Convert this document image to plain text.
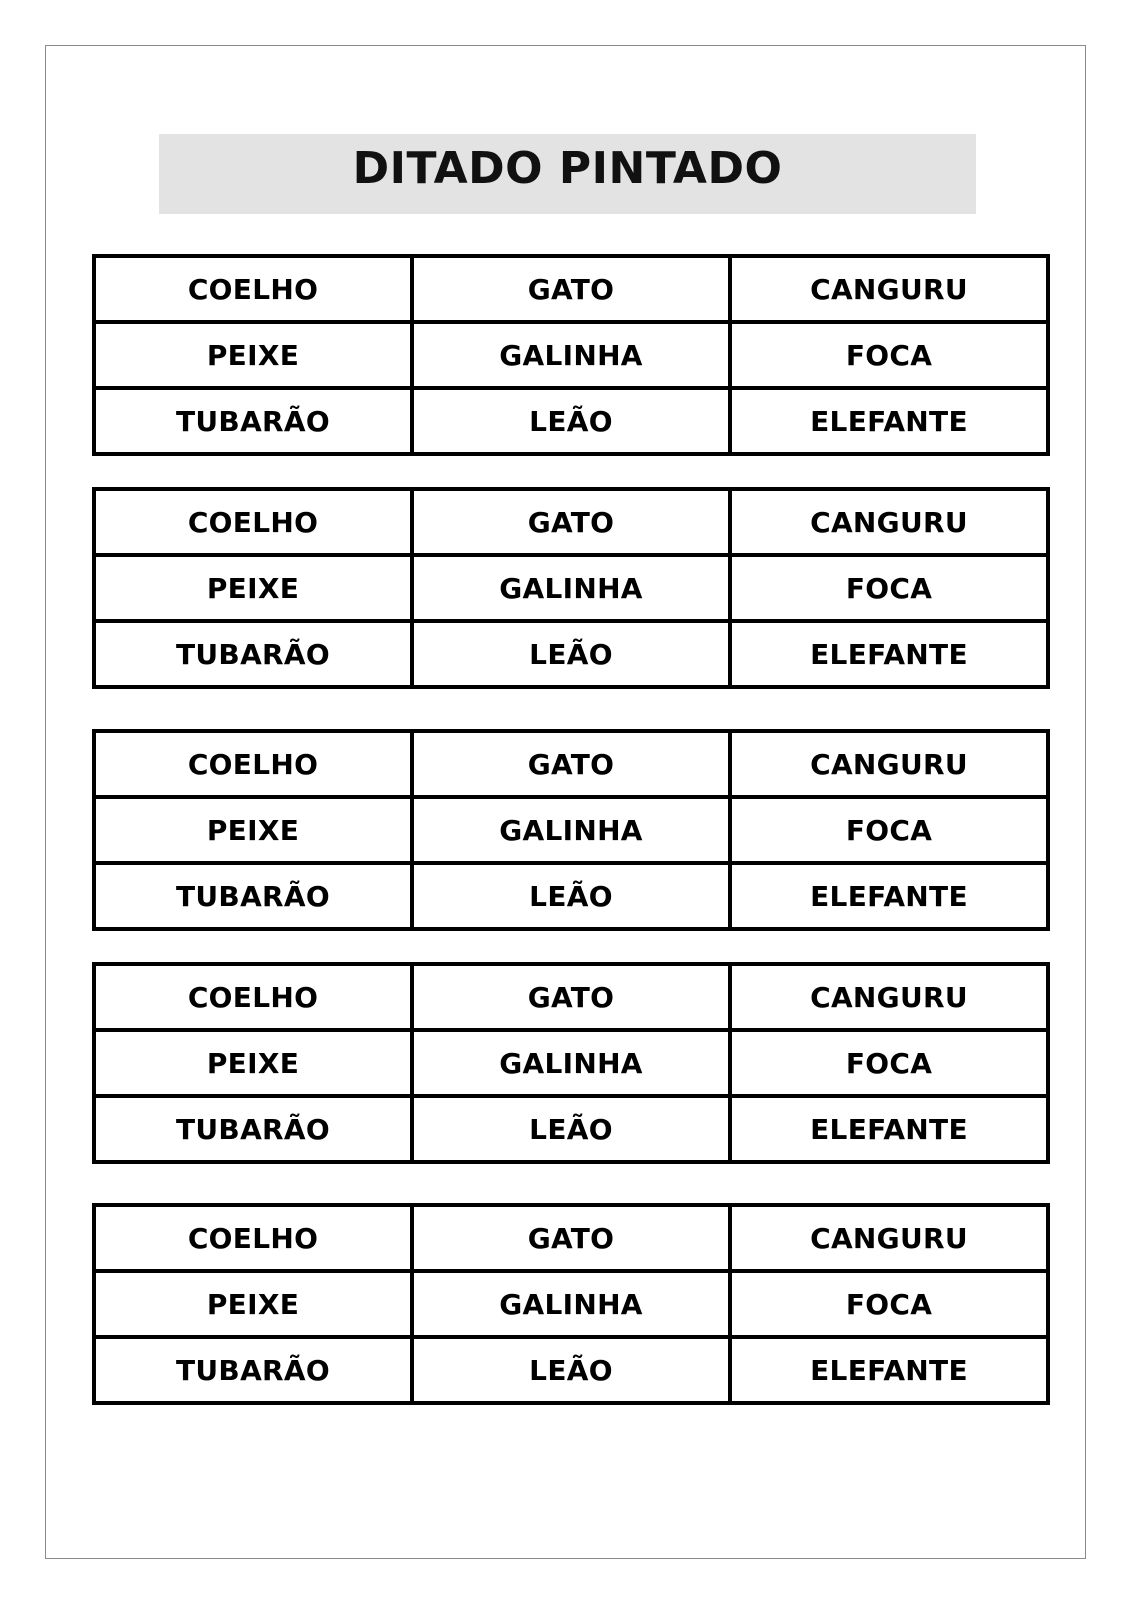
DITADO PINTADO
COELHO	GATO	CANGURU
PEIXE	GALINHA	FOCA
TUBARÃO	LEÃO	ELEFANTE
COELHO	GATO	CANGURU
PEIXE	GALINHA	FOCA
TUBARÃO	LEÃO	ELEFANTE
COELHO	GATO	CANGURU
PEIXE	GALINHA	FOCA
TUBARÃO	LEÃO	ELEFANTE
COELHO	GATO	CANGURU
PEIXE	GALINHA	FOCA
TUBARÃO	LEÃO	ELEFANTE
COELHO	GATO	CANGURU
PEIXE	GALINHA	FOCA
TUBARÃO	LEÃO	ELEFANTE
